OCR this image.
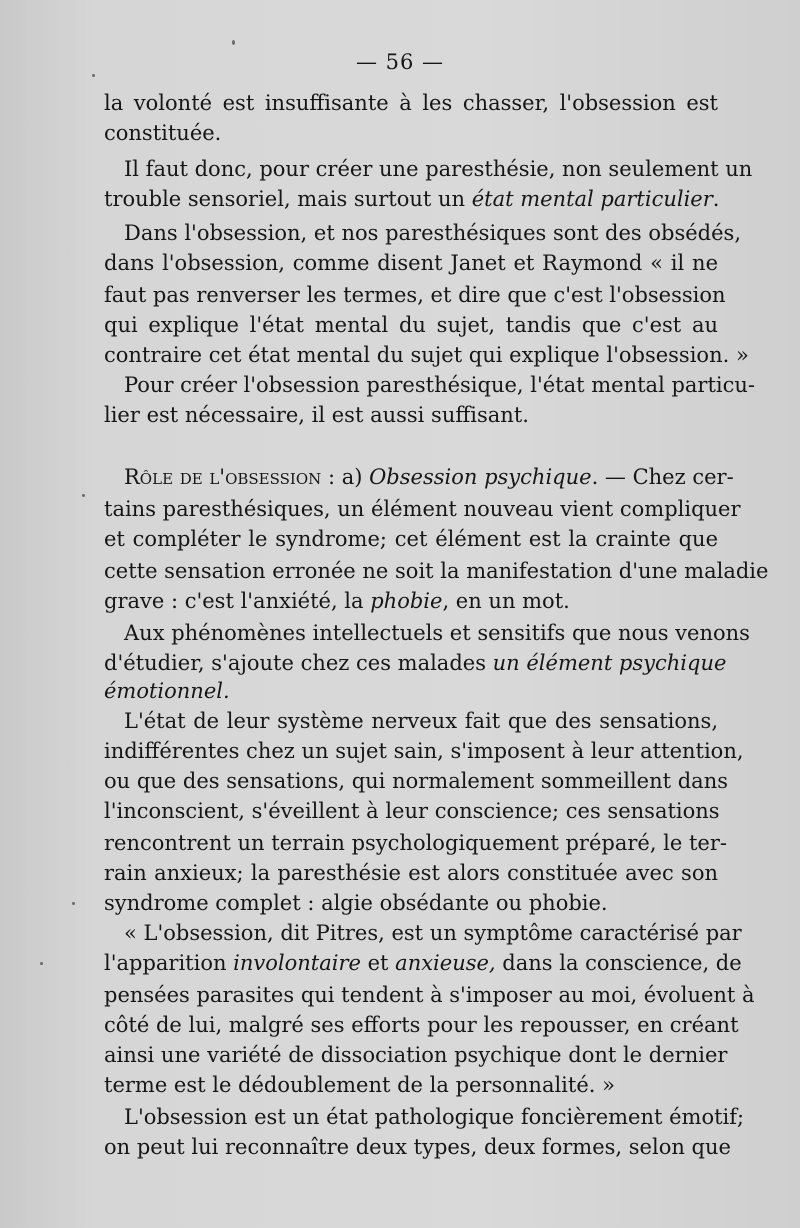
— 56 —
la volonté est insuffisante à les chasser, l'obsession est
constituée.
Il faut donc, pour créer une paresthésie, non seulement un
trouble sensoriel, mais surtout un état mental particulier.
Dans l'obsession, et nos paresthésiques sont des obsédés,
dans l'obsession, comme disent Janet et Raymond « il ne
faut pas renverser les termes, et dire que c'est l'obsession
qui explique l'état mental du sujet, tandis que c'est au
contraire cet état mental du sujet qui explique l'obsession. »
Pour créer l'obsession paresthésique, l'état mental particu-
lier est nécessaire, il est aussi suffisant.
Rôle de l'obsession : a) Obsession psychique. — Chez cer-
tains paresthésiques, un élément nouveau vient compliquer
et compléter le syndrome; cet élément est la crainte que
cette sensation erronée ne soit la manifestation d'une maladie
grave : c'est l'anxiété, la phobie, en un mot.
Aux phénomènes intellectuels et sensitifs que nous venons
d'étudier, s'ajoute chez ces malades un élément psychique
émotionnel.
L'état de leur système nerveux fait que des sensations,
indifférentes chez un sujet sain, s'imposent à leur attention,
ou que des sensations, qui normalement sommeillent dans
l'inconscient, s'éveillent à leur conscience; ces sensations
rencontrent un terrain psychologiquement préparé, le ter-
rain anxieux; la paresthésie est alors constituée avec son
syndrome complet : algie obsédante ou phobie.
« L'obsession, dit Pitres, est un symptôme caractérisé par
l'apparition involontaire et anxieuse, dans la conscience, de
pensées parasites qui tendent à s'imposer au moi, évoluent à
côté de lui, malgré ses efforts pour les repousser, en créant
ainsi une variété de dissociation psychique dont le dernier
terme est le dédoublement de la personnalité. »
L'obsession est un état pathologique foncièrement émotif;
on peut lui reconnaître deux types, deux formes, selon que
